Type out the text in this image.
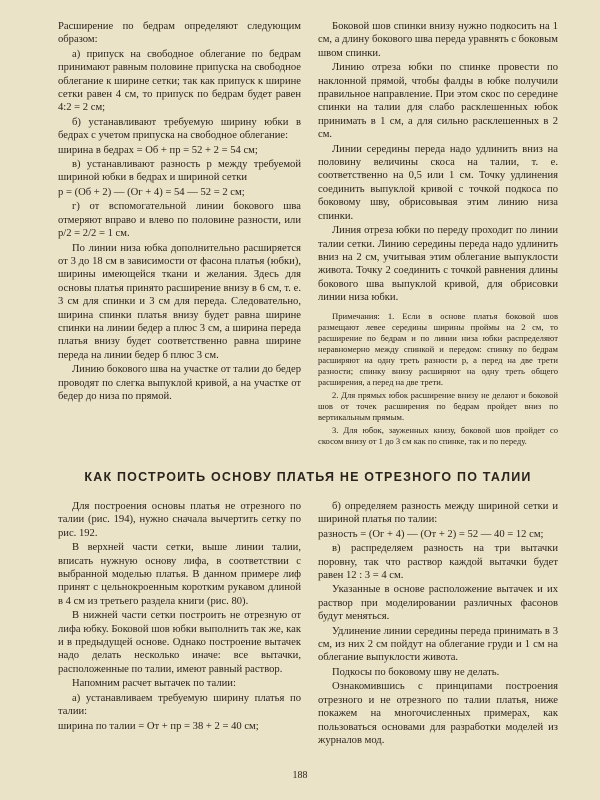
Расширение по бедрам определяют следующим образом:

а) припуск на свободное облегание по бедрам принимают равным половине припуска на свободное облегание к ширине сетки; так как припуск к ширине сетки равен 4 см, то припуск по бедрам будет равен 4:2 = 2 см;

б) устанавливают требуемую ширину юбки в бедрах с учетом припуска на свободное облегание:

ширина в бедрах = Об + пр = 52 + 2 = 54 см;

в) устанавливают разность р между требуемой шириной юбки в бедрах и шириной сетки

р = (Об + 2) — (Ог + 4) = 54 — 52 = 2 см;

г) от вспомогательной линии бокового шва отмеряют вправо и влево по половине разности, или р/2 = 2/2 = 1 см.

По линии низа юбка дополнительно расширяется от 3 до 18 см в зависимости от фасона платья (юбки), ширины имеющейся ткани и желания. Здесь для основы платья принято расширение внизу в 6 см, т. е. 3 см для спинки и 3 см для переда. Следовательно, ширина спинки платья внизу будет равна ширине спинки на линии бедер а плюс 3 см, а ширина переда платья внизу будет соответственно равна ширине переда на линии бедер б плюс 3 см.

Линию бокового шва на участке от талии до бедер проводят по слегка выпуклой кривой, а на участке от бедер до низа по прямой.

Боковой шов спинки внизу нужно подкосить на 1 см, а длину бокового шва переда уравнять с боковым швом спинки.

Линию отреза юбки по спинке провести по наклонной прямой, чтобы фалды в юбке получили правильное направление. При этом скос по середине спинки на талии для слабо расклешенных юбок принимать в 1 см, а для сильно расклешенных в 2 см.

Линии середины переда надо удлинить вниз на половину величины скоса на талии, т. е. соответственно на 0,5 или 1 см. Точку удлинения соединить выпуклой кривой с точкой подкоса по боковому шву, обрисовывая этим линию низа спинки.

Линия отреза юбки по переду проходит по линии талии сетки. Линию середины переда надо удлинить вниз на 2 см, учитывая этим облегание выпуклости живота. Точку 2 соединить с точкой равнения длины бокового шва выпуклой кривой, для обрисовки линии низа юбки.

Примечания: 1. Если в основе платья боковой шов размещают левее середины ширины проймы на 2 см, то расширение по бедрам и по линии низа юбки распределяют неравномерно между спинкой и передом: спинку по бедрам расширяют на одну треть разности р, а перед на две трети разности; спинку внизу расширяют на одну треть общего расширения, а перед на две трети.

2. Для прямых юбок расширение внизу не делают и боковой шов от точек расширения по бедрам пройдет вниз по вертикальным прямым.

3. Для юбок, зауженных книзу, боковой шов пройдет со скосом внизу от 1 до 3 см как по спинке, так и по переду.

КАК ПОСТРОИТЬ ОСНОВУ ПЛАТЬЯ НЕ ОТРЕЗНОГО ПО ТАЛИИ

Для построения основы платья не отрезного по талии (рис. 194), нужно сначала вычертить сетку по рис. 192.

В верхней части сетки, выше линии талии, вписать нужную основу лифа, в соответствии с выбранной моделью платья. В данном примере лиф принят с цельнокроенным коротким рукавом длиной в 4 см из третьего раздела книги (рис. 80).

В нижней части сетки построить не отрезную от лифа юбку. Боковой шов юбки выполнить так же, как и в предыдущей основе. Однако построение вытачек надо делать несколько иначе: все вытачки, расположенные по талии, имеют равный раствор.

Напомним расчет вытачек по талии:

а) устанавливаем требуемую ширину платья по талии:

ширина по талии = От + пр = 38 + 2 = 40 см;

б) определяем разность между шириной сетки и шириной платья по талии:

разность = (Ог + 4) — (От + 2) = 52 — 40 = 12 см;

в) распределяем разность на три вытачки поровну, так что раствор каждой вытачки будет равен 12 : 3 = 4 см.

Указанные в основе расположение вытачек и их раствор при моделировании различных фасонов будут меняться.

Удлинение линии середины переда принимать в 3 см, из них 2 см пойдут на облегание груди и 1 см на облегание выпуклости живота.

Подкосы по боковому шву не делать.

Ознакомившись с принципами построения отрезного и не отрезного по талии платья, ниже покажем на многочисленных примерах, как пользоваться основами для разработки моделей из журналов мод.

188
